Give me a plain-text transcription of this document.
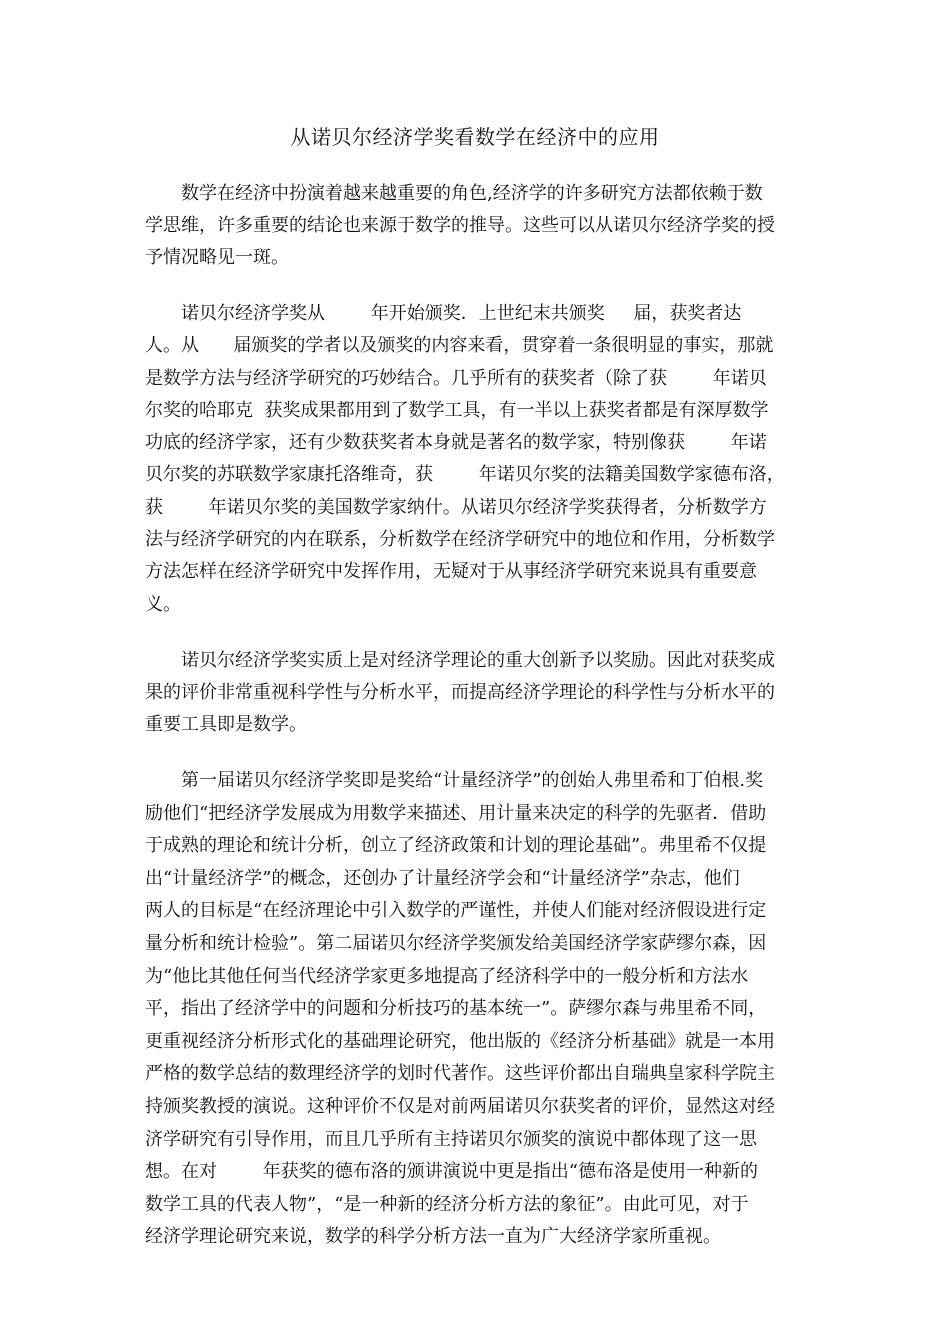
从诺贝尔经济学奖看数学在经济中的应用
数学在经济中扮演着越来越重要的角色,经济学的许多研究方法都依赖于数
学思维，许多重要的结论也来源于数学的推导。这些可以从诺贝尔经济学奖的授
予情况略见一斑。
诺贝尔经济学奖从        年开始颁奖．上世纪末共颁奖     届，获奖者达
人。从      届颁奖的学者以及颁奖的内容来看，贯穿着一条很明显的事实，那就
是数学方法与经济学研究的巧妙结合。几乎所有的获奖者（除了获        年诺贝
尔奖的哈耶克  获奖成果都用到了数学工具，有一半以上获奖者都是有深厚数学
功底的经济学家，还有少数获奖者本身就是著名的数学家，特别像获        年诺
贝尔奖的苏联数学家康托洛维奇，获        年诺贝尔奖的法籍美国数学家德布洛，
获        年诺贝尔奖的美国数学家纳什。从诺贝尔经济学奖获得者，分析数学方
法与经济学研究的内在联系，分析数学在经济学研究中的地位和作用，分析数学
方法怎样在经济学研究中发挥作用，无疑对于从事经济学研究来说具有重要意
义。
诺贝尔经济学奖实质上是对经济学理论的重大创新予以奖励。因此对获奖成
果的评价非常重视科学性与分析水平，而提高经济学理论的科学性与分析水平的
重要工具即是数学。
第一届诺贝尔经济学奖即是奖给“计量经济学”的创始人弗里希和丁伯根.奖
励他们“把经济学发展成为用数学来描述、用计量来决定的科学的先驱者．借助
于成熟的理论和统计分析，创立了经济政策和计划的理论基础”。弗里希不仅提
出“计量经济学”的概念，还创办了计量经济学会和“计量经济学”杂志，他们
两人的目标是“在经济理论中引入数学的严谨性，并使人们能对经济假设进行定
量分析和统计检验”。第二届诺贝尔经济学奖颁发给美国经济学家萨缪尔森，因
为“他比其他任何当代经济学家更多地提高了经济科学中的一般分析和方法水
平，指出了经济学中的问题和分析技巧的基本统一”。萨缪尔森与弗里希不同，
更重视经济分析形式化的基础理论研究，他出版的《经济分析基础》就是一本用
严格的数学总结的数理经济学的划时代著作。这些评价都出自瑞典皇家科学院主
持颁奖教授的演说。这种评价不仅是对前两届诺贝尔获奖者的评价，显然这对经
济学研究有引导作用，而且几乎所有主持诺贝尔颁奖的演说中都体现了这一思
想。在对        年获奖的德布洛的颁讲演说中更是指出“德布洛是使用一种新的
数学工具的代表人物”，“是一种新的经济分析方法的象征”。由此可见，对于
经济学理论研究来说，数学的科学分析方法一直为广大经济学家所重视。
